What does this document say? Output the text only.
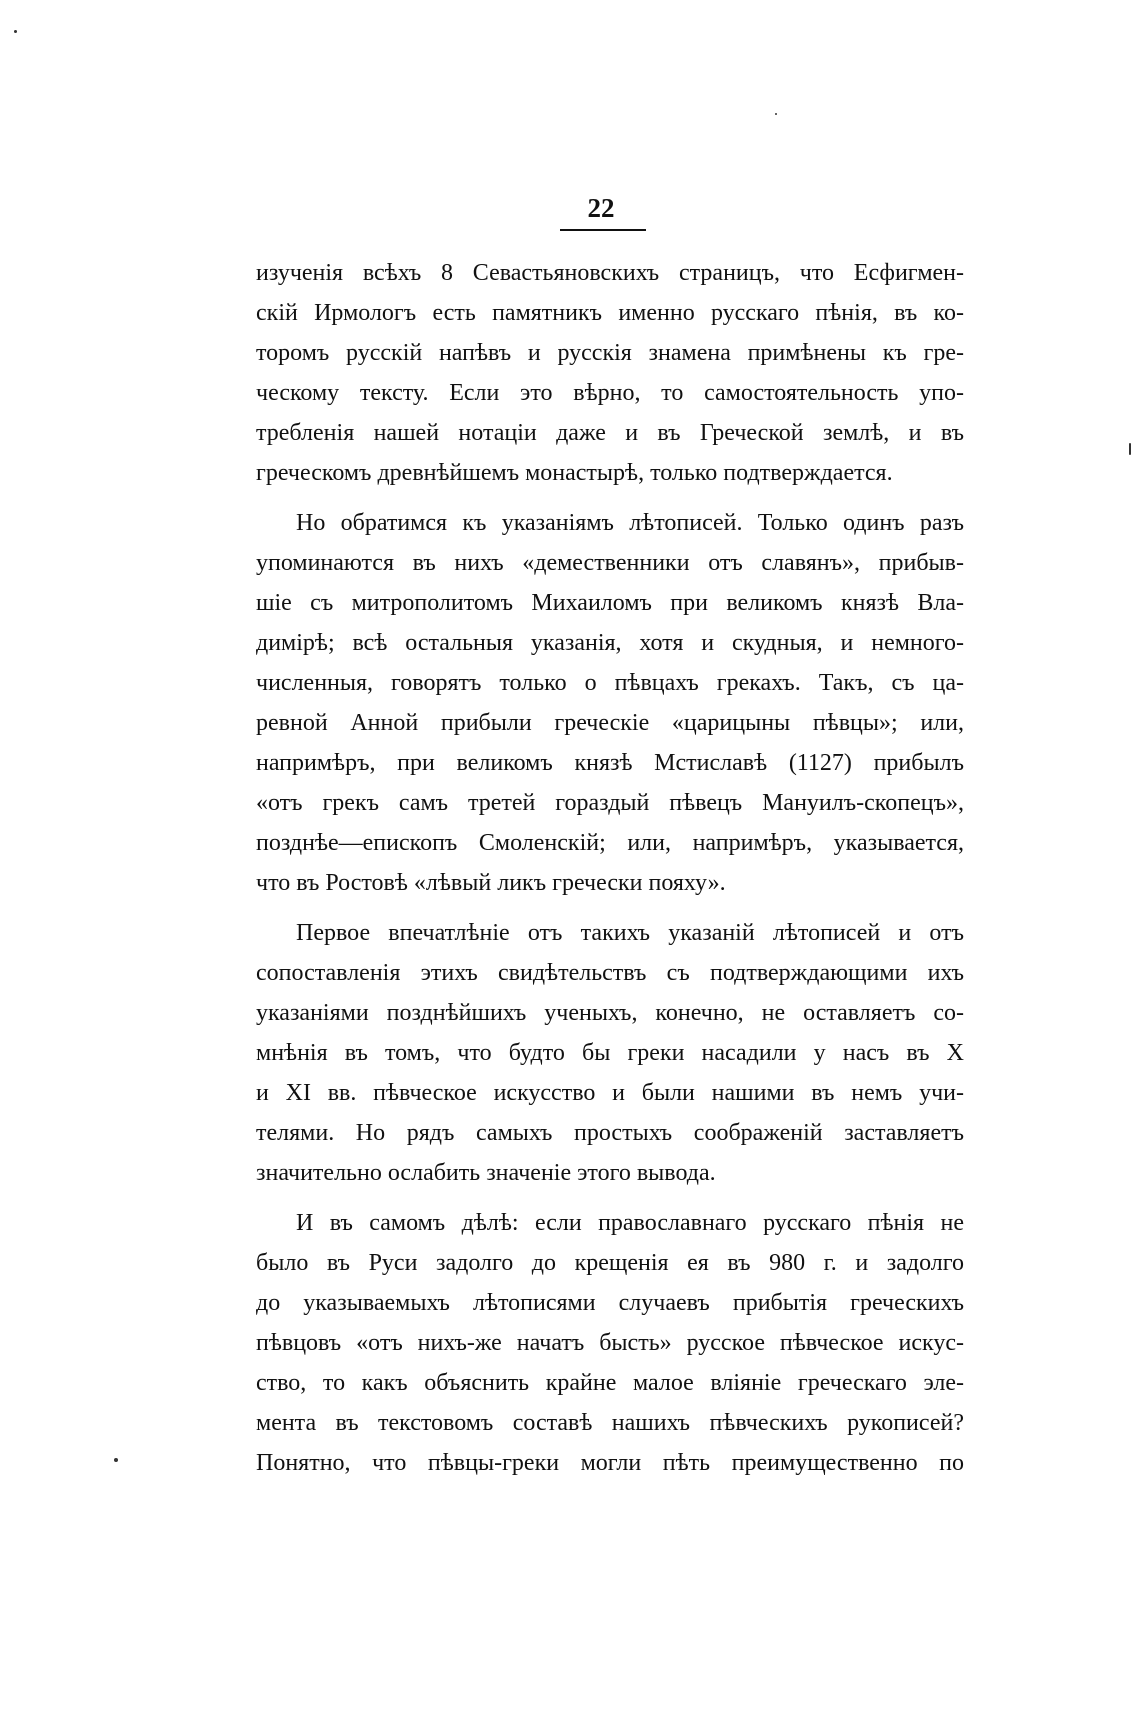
22
изученія всѣхъ 8 Севастьяновскихъ страницъ, что Есфигмен-
скій Ирмологъ есть памятникъ именно русскаго пѣнія, въ ко-
торомъ русскій напѣвъ и русскія знамена примѣнены къ гре-
ческому тексту. Если это вѣрно, то самостоятельность упо-
требленія нашей нотаціи даже и въ Греческой землѣ, и въ
греческомъ древнѣйшемъ монастырѣ, только подтверждается.
Но обратимся къ указаніямъ лѣтописей. Только одинъ разъ
упоминаются въ нихъ «демественники отъ славянъ», прибыв-
шіе съ митрополитомъ Михаиломъ при великомъ князѣ Вла-
димірѣ; всѣ остальныя указанія, хотя и скудныя, и немного-
численныя, говорятъ только о пѣвцахъ грекахъ. Такъ, съ ца-
ревной Анной прибыли греческіе «царицыны пѣвцы»; или,
напримѣръ, при великомъ князѣ Мстиславѣ (1127) прибылъ
«отъ грекъ самъ третей гораздый пѣвецъ Мануилъ-скопецъ»,
позднѣе—епископъ Смоленскій; или, напримѣръ, указывается,
что въ Ростовѣ «лѣвый ликъ гречески пояху».
Первое впечатлѣніе отъ такихъ указаній лѣтописей и отъ
сопоставленія этихъ свидѣтельствъ съ подтверждающими ихъ
указаніями позднѣйшихъ ученыхъ, конечно, не оставляетъ со-
мнѣнія въ томъ, что будто бы греки насадили у насъ въ X
и XI вв. пѣвческое искусство и были нашими въ немъ учи-
телями. Но рядъ самыхъ простыхъ соображеній заставляетъ
значительно ослабить значеніе этого вывода.
И въ самомъ дѣлѣ: если православнаго русскаго пѣнія не
было въ Руси задолго до крещенія ея въ 980 г. и задолго
до указываемыхъ лѣтописями случаевъ прибытія греческихъ
пѣвцовъ «отъ нихъ-же начатъ бысть» русское пѣвческое искус-
ство, то какъ объяснить крайне малое вліяніе греческаго эле-
мента въ текстовомъ составѣ нашихъ пѣвческихъ рукописей?
Понятно, что пѣвцы-греки могли пѣть преимущественно по
